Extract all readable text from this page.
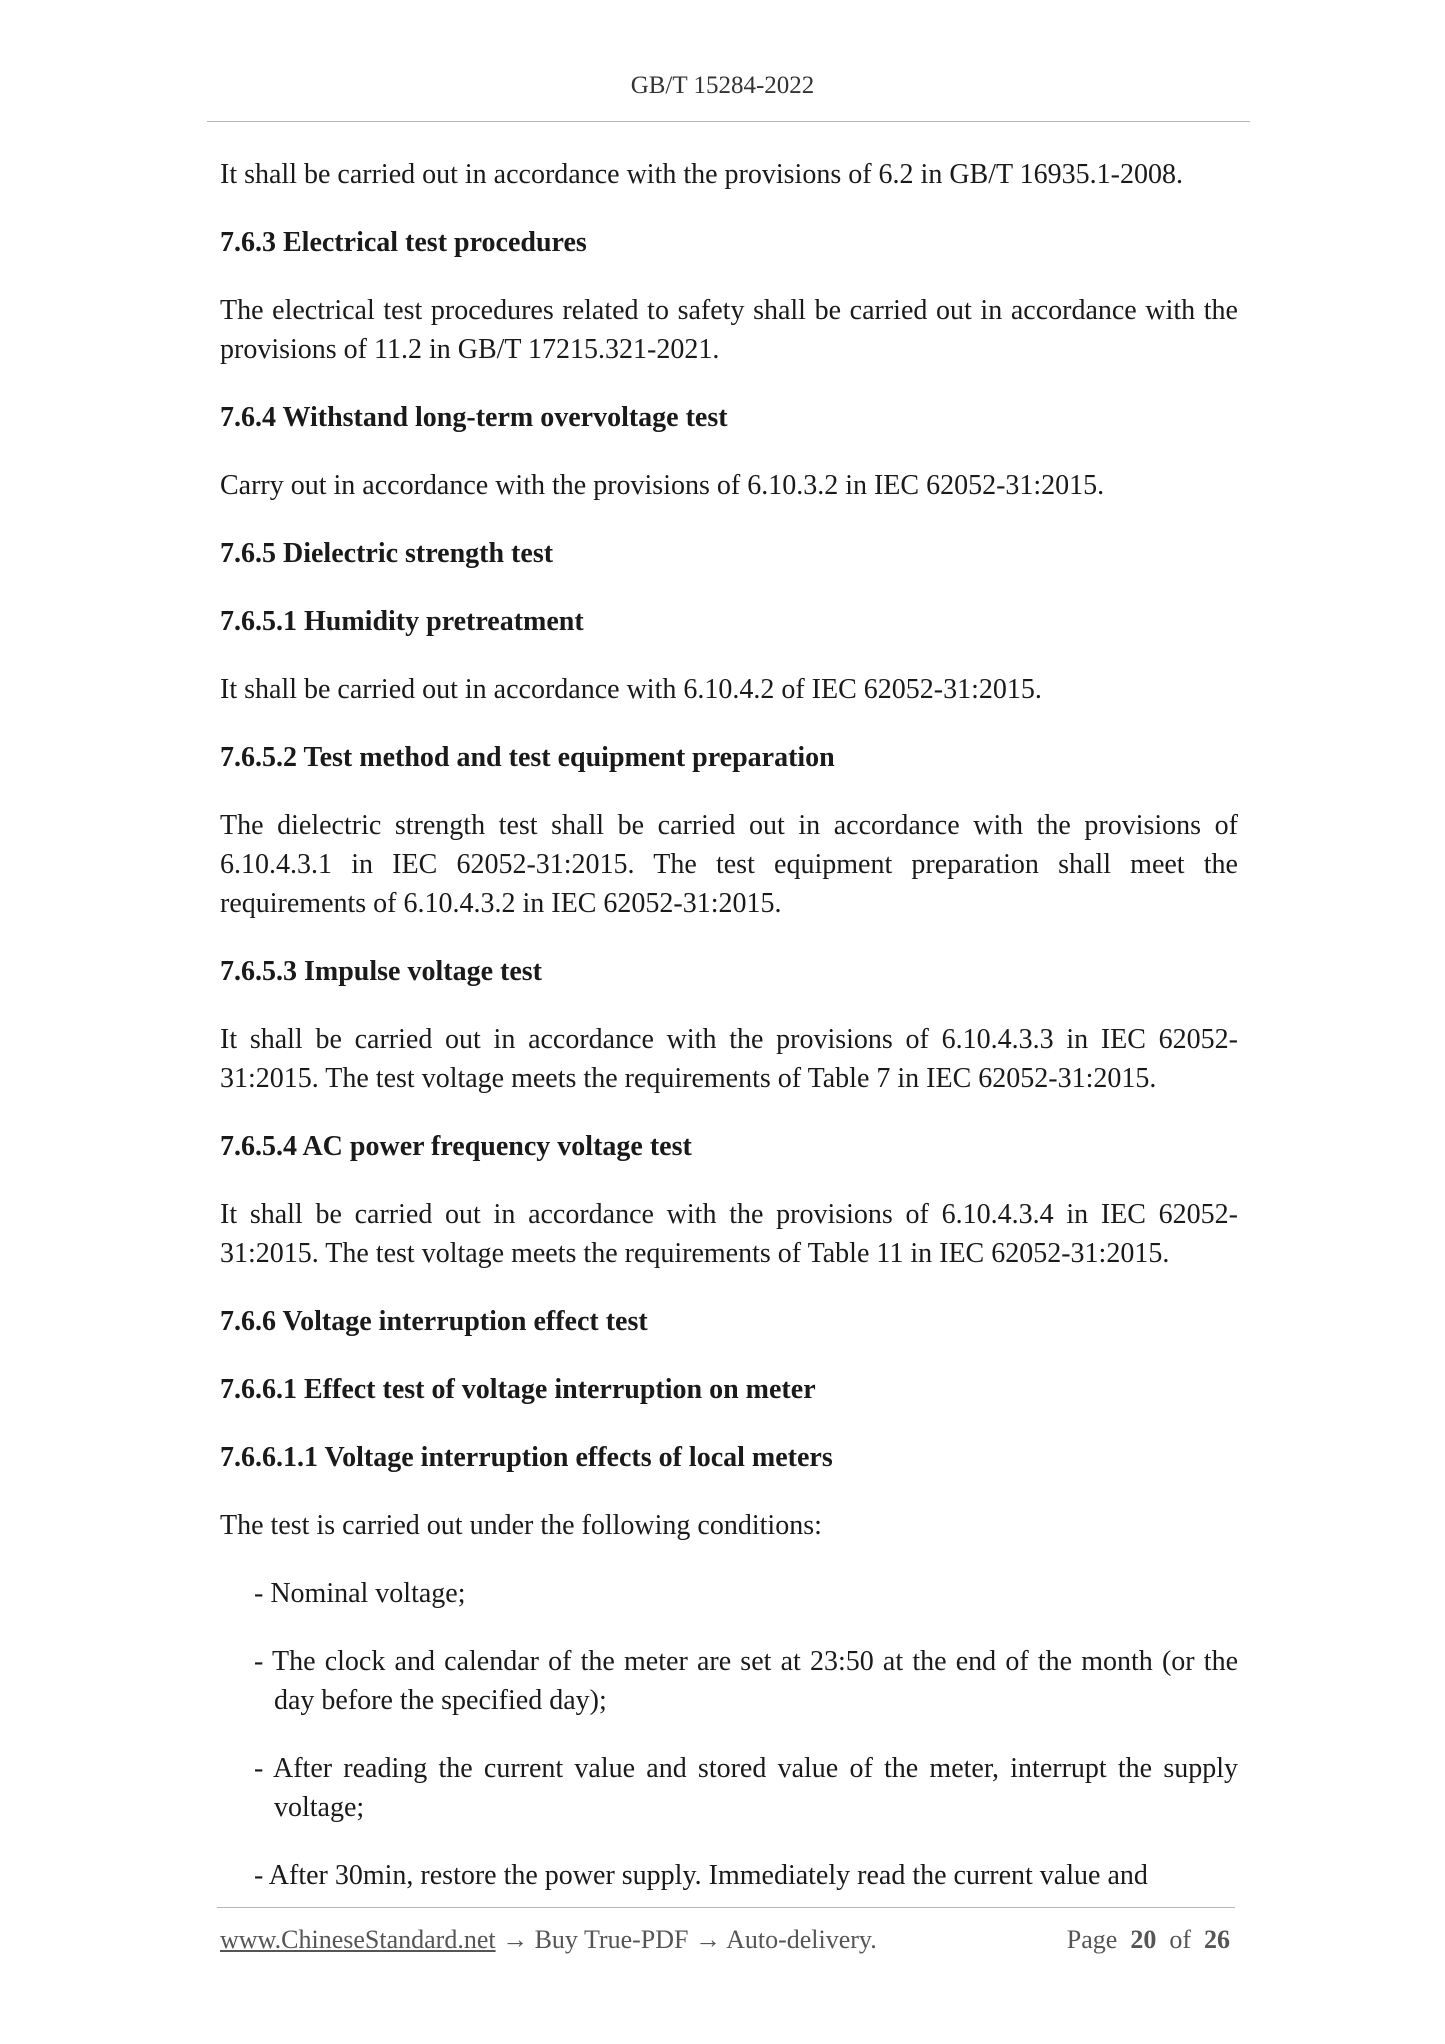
GB/T 15284-2022

It shall be carried out in accordance with the provisions of 6.2 in GB/T 16935.1-2008.

7.6.3 Electrical test procedures

The electrical test procedures related to safety shall be carried out in accordance with the provisions of 11.2 in GB/T 17215.321-2021.

7.6.4 Withstand long-term overvoltage test

Carry out in accordance with the provisions of 6.10.3.2 in IEC 62052-31:2015.

7.6.5 Dielectric strength test
7.6.5.1 Humidity pretreatment

It shall be carried out in accordance with 6.10.4.2 of IEC 62052-31:2015.

7.6.5.2 Test method and test equipment preparation

The dielectric strength test shall be carried out in accordance with the provisions of 6.10.4.3.1 in IEC 62052-31:2015. The test equipment preparation shall meet the requirements of 6.10.4.3.2 in IEC 62052-31:2015.

7.6.5.3 Impulse voltage test

It shall be carried out in accordance with the provisions of 6.10.4.3.3 in IEC 62052-31:2015. The test voltage meets the requirements of Table 7 in IEC 62052-31:2015.

7.6.5.4 AC power frequency voltage test

It shall be carried out in accordance with the provisions of 6.10.4.3.4 in IEC 62052-31:2015. The test voltage meets the requirements of Table 11 in IEC 62052-31:2015.

7.6.6 Voltage interruption effect test
7.6.6.1 Effect test of voltage interruption on meter
7.6.6.1.1 Voltage interruption effects of local meters

The test is carried out under the following conditions:

- Nominal voltage;

- The clock and calendar of the meter are set at 23:50 at the end of the month (or the day before the specified day);

- After reading the current value and stored value of the meter, interrupt the supply voltage;

- After 30min, restore the power supply. Immediately read the current value and

www.ChineseStandard.net → Buy True-PDF → Auto-delivery.	Page 20 of 26
